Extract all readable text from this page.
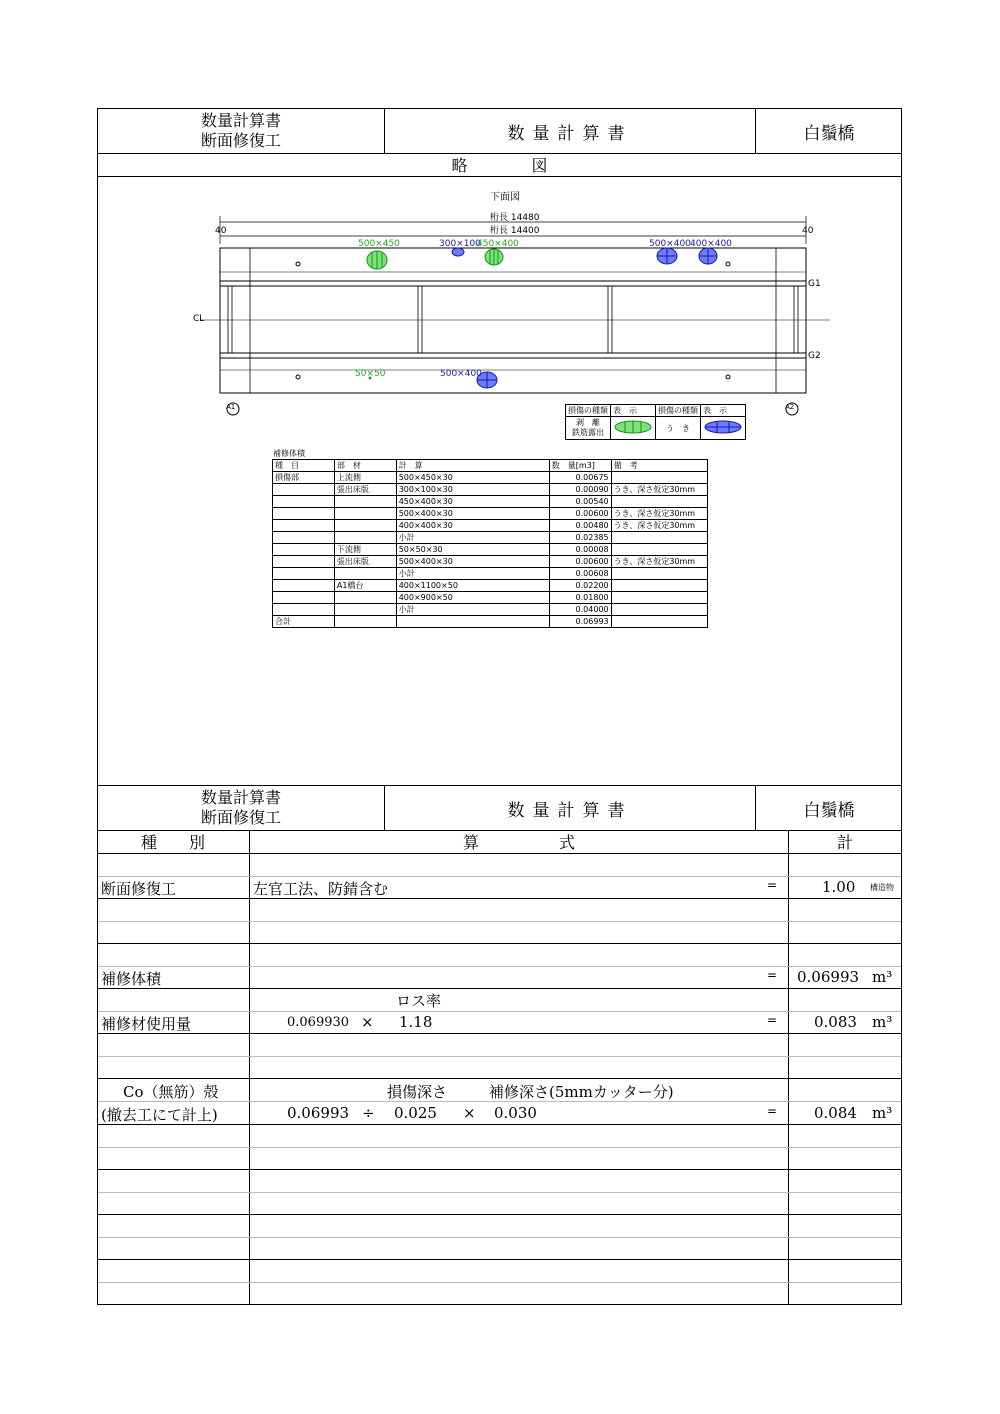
数量計算書
断面修復工	数量計算書	白鬚橋
略　　　　図
下面図
桁長 14480
桁長 14400
40	40
500×450	300×100
450×400	500×400 400×400
50×50	500×400
CL
G1
G2
A1	A2
損傷の種類	表　示	損傷の種類	表　示
剥　離
鉄筋露出		う　き	
補修体積
種　目	部　材	計　算	数　量[m3]	備　考
損傷部	上流側	500×450×30	0.00675	
	張出床版	300×100×30	0.00090	うき、深さ仮定30mm
		450×400×30	0.00540	
		500×400×30	0.00600	うき、深さ仮定30mm
		400×400×30	0.00480	うき、深さ仮定30mm
		小計	0.02385	
	下流側	50×50×30	0.00008	
	張出床版	500×400×30	0.00600	うき、深さ仮定30mm
		小計	0.00608	
	A1橋台	400×1100×50	0.02200	
		400×900×50	0.01800	
		小計	0.04000	
合計			0.06993	
数量計算書
断面修復工	数量計算書	白鬚橋
種　　別	算　　　　　式	計
断面修復工	左官工法、防錆含む	=	1.00 構造物
補修体積	= 0.06993 m³
ロス率
補修材使用量	0.069930 × 1.18	= 0.083 m³
Co（無筋）殻	損傷深さ	補修深さ(5mmカッター分)
(撤去工にて計上)	0.06993 ÷ 0.025 × 0.030	= 0.084 m³
